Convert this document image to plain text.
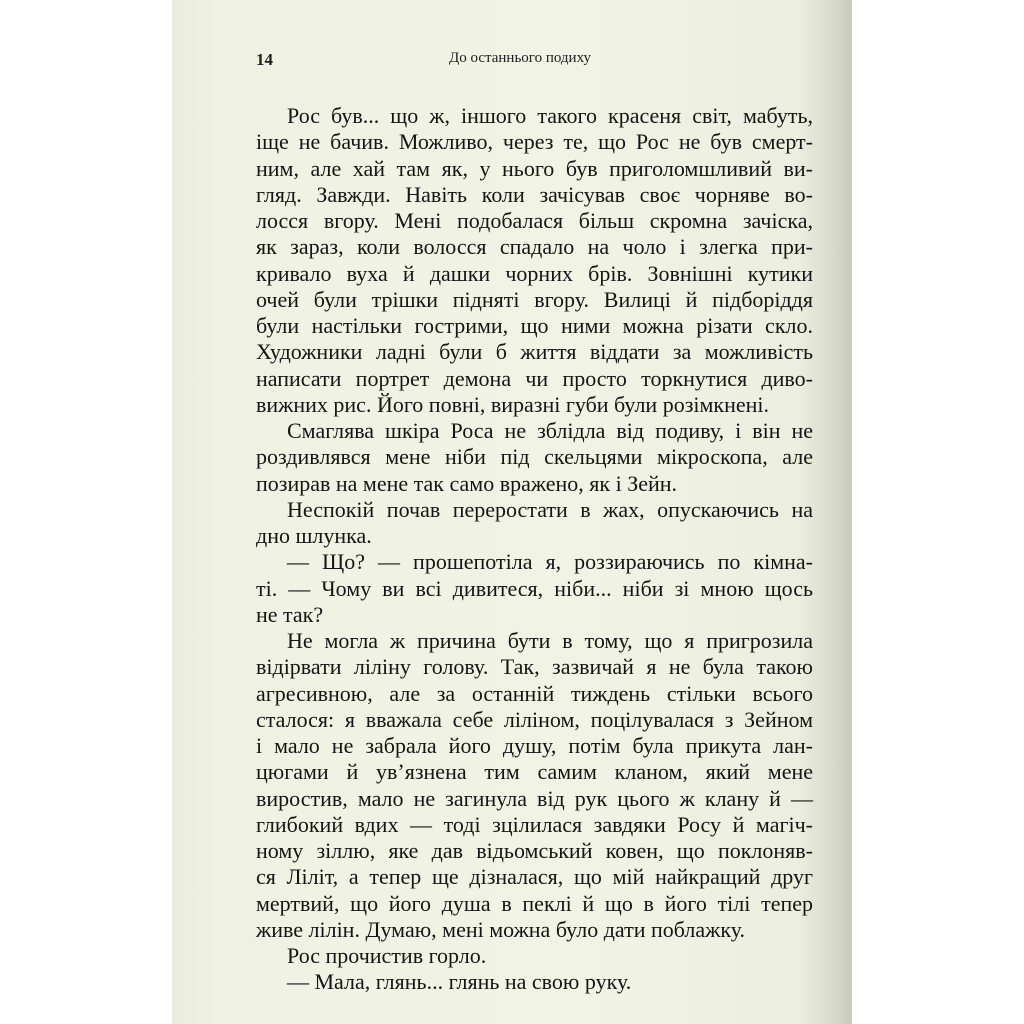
14	До останнього подиху
Рос був... що ж, іншого такого красеня світ, мабуть,
іще не бачив. Можливо, через те, що Рос не був смерт-
ним, але хай там як, у нього був приголомшливий ви-
гляд. Завжди. Навіть коли зачісував своє чорняве во-
лосся вгору. Мені подобалася більш скромна зачіска,
як зараз, коли волосся спадало на чоло і злегка при-
кривало вуха й дашки чорних брів. Зовнішні кутики
очей були трішки підняті вгору. Вилиці й підборіддя
були настільки гострими, що ними можна різати скло.
Художники ладні були б життя віддати за можливість
написати портрет демона чи просто торкнутися диво-
вижних рис. Його повні, виразні губи були розімкнені.
Смаглява шкіра Роса не зблідла від подиву, і він не
роздивлявся мене ніби під скельцями мікроскопа, але
позирав на мене так само вражено, як і Зейн.
Неспокій почав переростати в жах, опускаючись на
дно шлунка.
— Що? — прошепотіла я, роззираючись по кімна-
ті. — Чому ви всі дивитеся, ніби... ніби зі мною щось
не так?
Не могла ж причина бути в тому, що я пригрозила
відірвати ліліну голову. Так, зазвичай я не була такою
агресивною, але за останній тиждень стільки всього
сталося: я вважала себе ліліном, поцілувалася з Зейном
і мало не забрала його душу, потім була прикута лан-
цюгами й ув’язнена тим самим кланом, який мене
виростив, мало не загинула від рук цього ж клану й —
глибокий вдих — тоді зцілилася завдяки Росу й магіч-
ному зіллю, яке дав відьомський ковен, що поклоняв-
ся Ліліт, а тепер ще дізналася, що мій найкращий друг
мертвий, що його душа в пеклі й що в його тілі тепер
живе лілін. Думаю, мені можна було дати поблажку.
Рос прочистив горло.
— Мала, глянь... глянь на свою руку.
